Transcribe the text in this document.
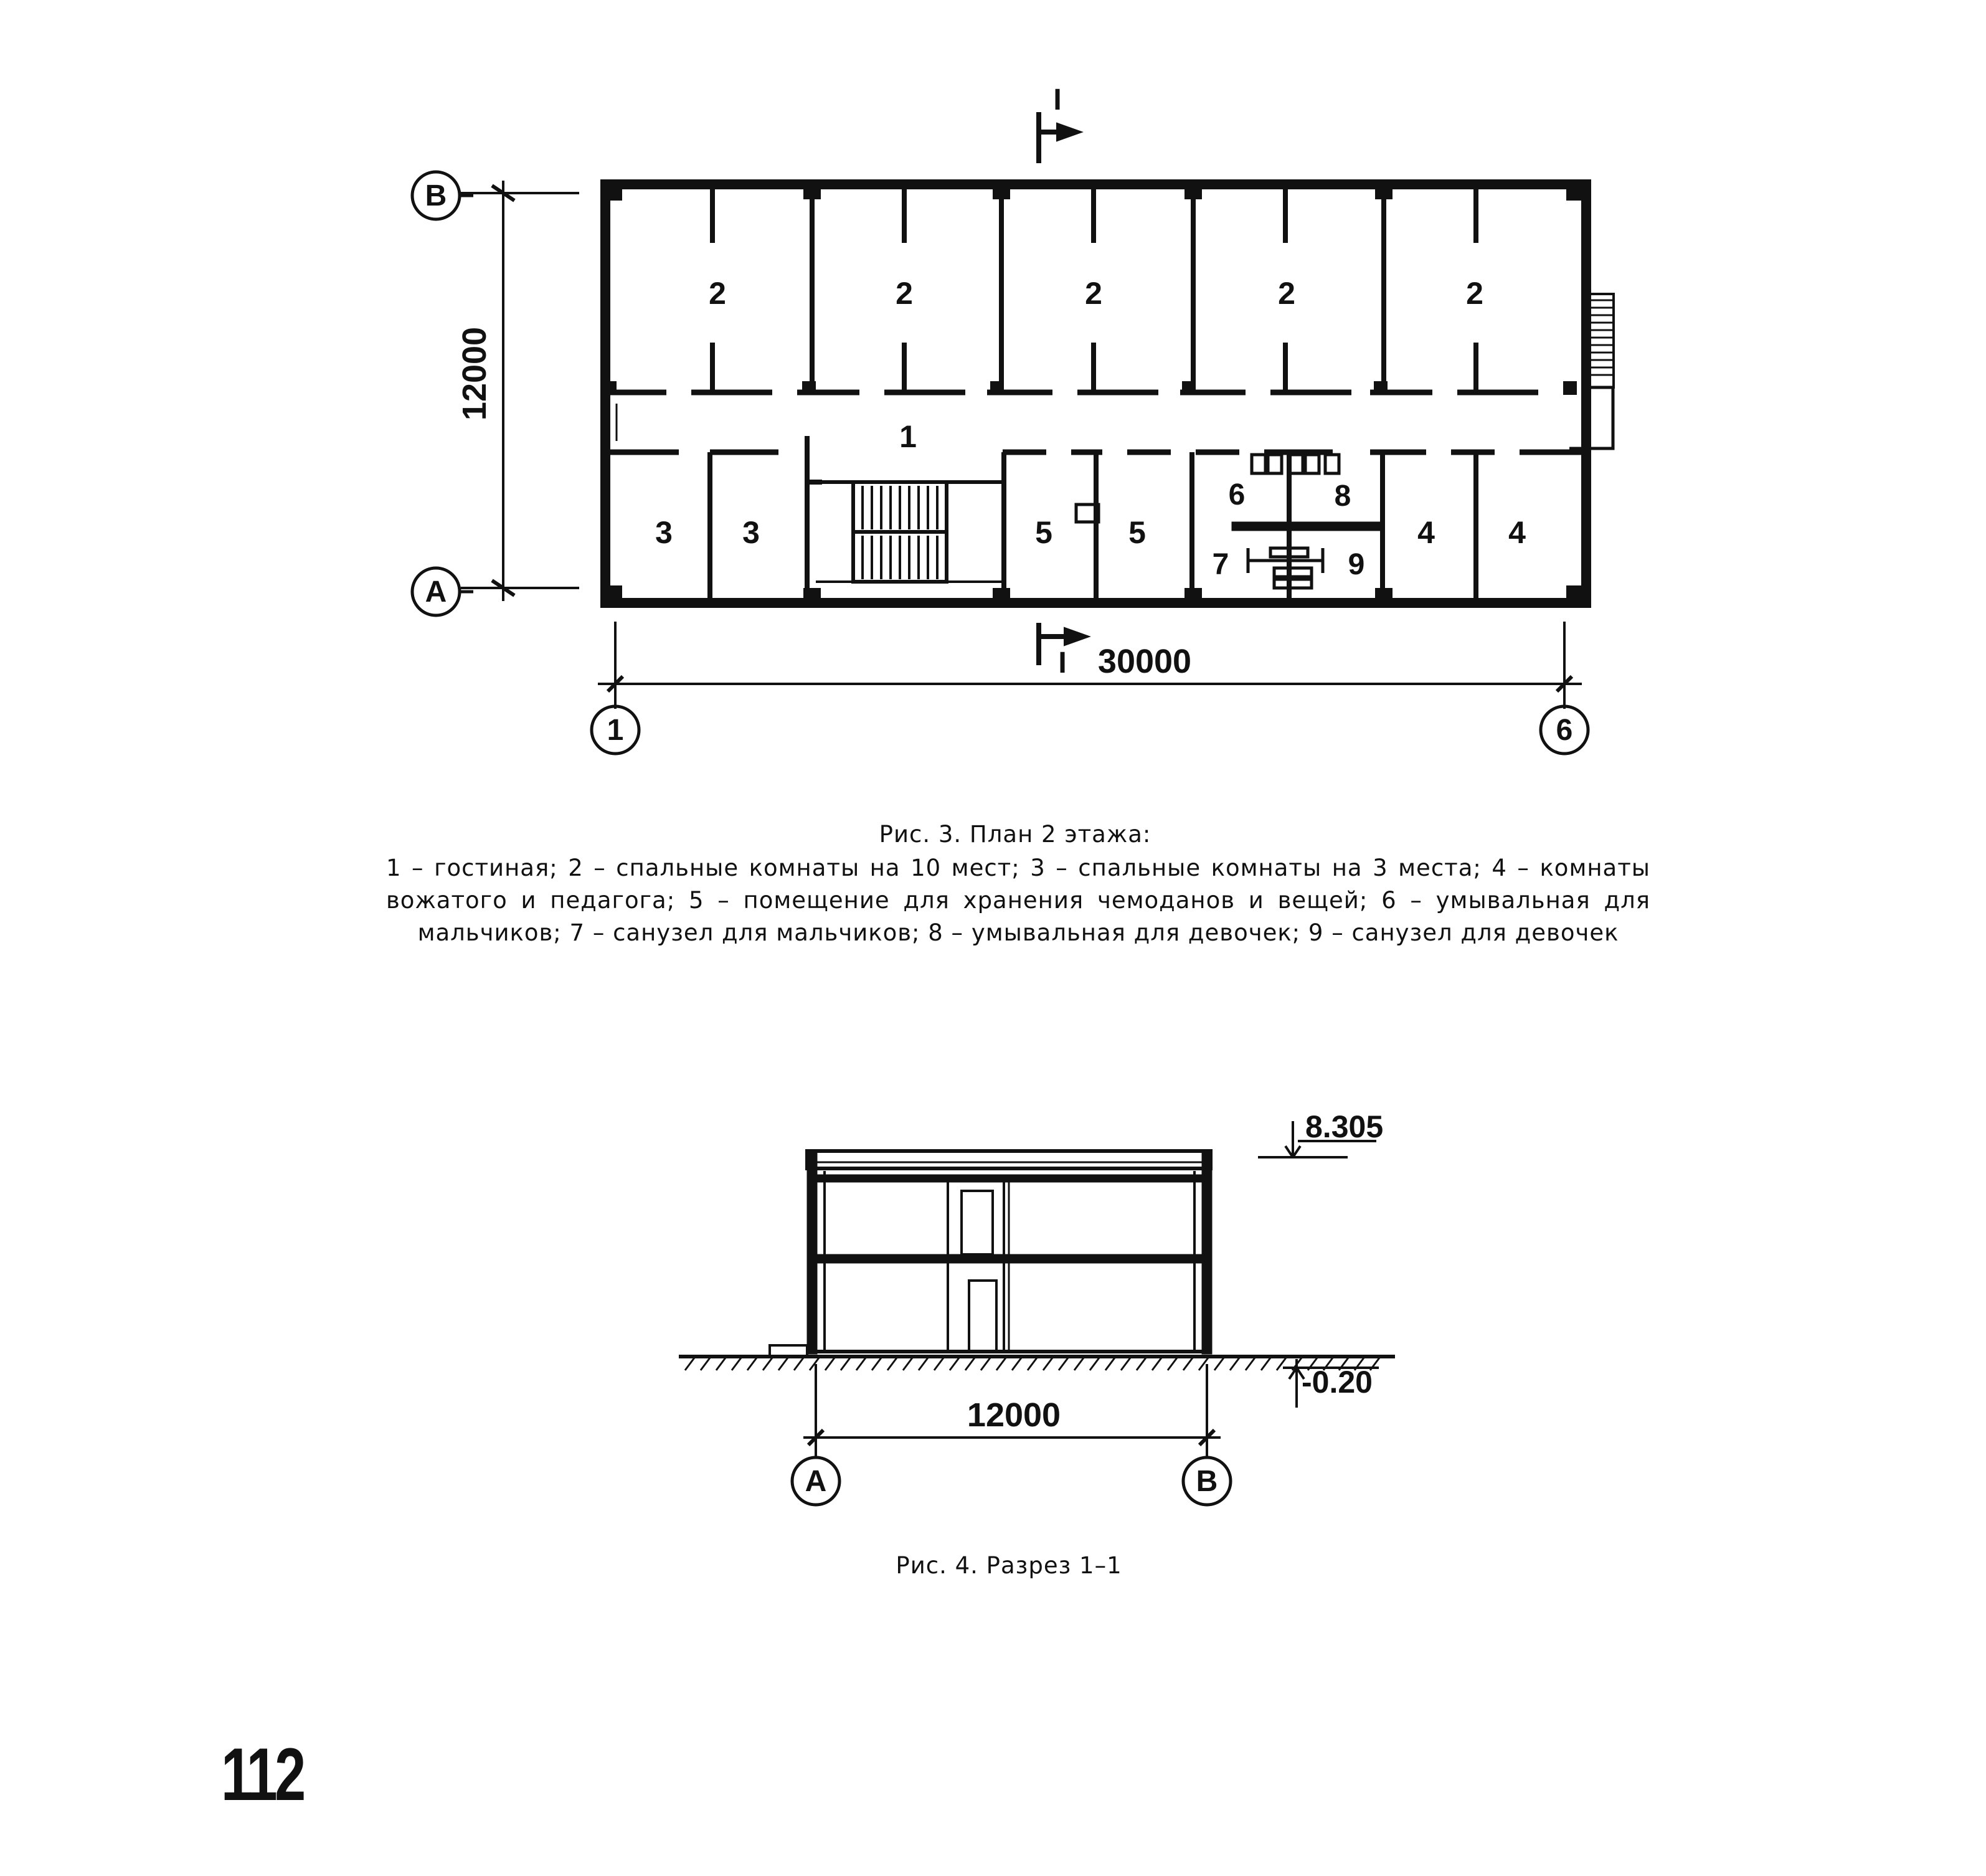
В
А
1	6
12000
30000
I
I
2	2	2	2	2
1
3 3	5 5
6	8
7	9
4 4
8.305
-0.20
12000
А	В
Рис. 3. План 2 этажа:
1 – гостиная; 2 – спальные комнаты на 10 мест; 3 – спальные комнаты на 3 места; 4 – комнаты вожатого и педагога; 5 – помещение для хранения чемоданов и вещей; 6 – умывальная для мальчиков; 7 – санузел для мальчиков; 8 – умывальная для девочек; 9 – санузел для девочек
Рис. 4. Разрез 1–1
112
